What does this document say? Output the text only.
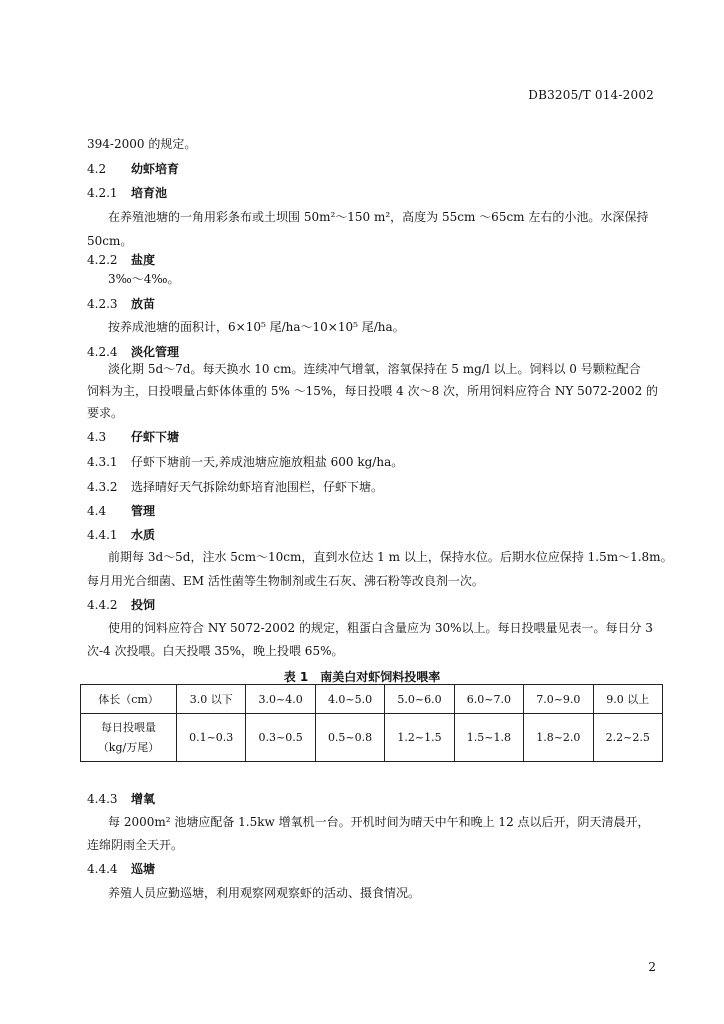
DB3205/T 014-2002
394-2000 的规定。
4.2 幼虾培育
4.2.1 培育池
在养殖池塘的一角用彩条布或土坝围 50m²～150 m²，高度为 55cm ～65cm 左右的小池。水深保持
50cm。
4.2.2 盐度
3‰～4‰。
4.2.3 放苗
按养成池塘的面积计，6×10⁵ 尾/ha～10×10⁵ 尾/ha。
4.2.4 淡化管理
淡化期 5d～7d。每天换水 10 cm。连续冲气增氧，溶氧保持在 5 mg/l 以上。饲料以 0 号颗粒配合
饲料为主，日投喂量占虾体体重的 5% ～15%，每日投喂 4 次～8 次，所用饲料应符合 NY 5072-2002 的
要求。
4.3 仔虾下塘
4.3.1 仔虾下塘前一天,养成池塘应施放粗盐 600 kg/ha。
4.3.2 选择晴好天气拆除幼虾培育池围栏，仔虾下塘。
4.4 管理
4.4.1 水质
前期每 3d～5d，注水 5cm～10cm，直到水位达 1 m 以上，保持水位。后期水位应保持 1.5m～1.8m。
每月用光合细菌、EM 活性菌等生物制剂或生石灰、沸石粉等改良剂一次。
4.4.2 投饲
使用的饲料应符合 NY 5072-2002 的规定，粗蛋白含量应为 30%以上。每日投喂量见表一。每日分 3
次-4 次投喂。白天投喂 35%，晚上投喂 65%。
表 1　南美白对虾饲料投喂率
体长（cm）	3.0 以下	3.0~4.0	4.0~5.0	5.0~6.0	6.0~7.0	7.0~9.0	9.0 以上

每日投喂量
（kg/万尾）	0.1~0.3	0.3~0.5	0.5~0.8	1.2~1.5	1.5~1.8	1.8~2.0	2.2~2.5
4.4.3 增氧
每 2000m² 池塘应配备 1.5kw 增氧机一台。开机时间为晴天中午和晚上 12 点以后开，阴天清晨开，
连绵阴雨全天开。
4.4.4 巡塘
养殖人员应勤巡塘，利用观察网观察虾的活动、摄食情况。
2
